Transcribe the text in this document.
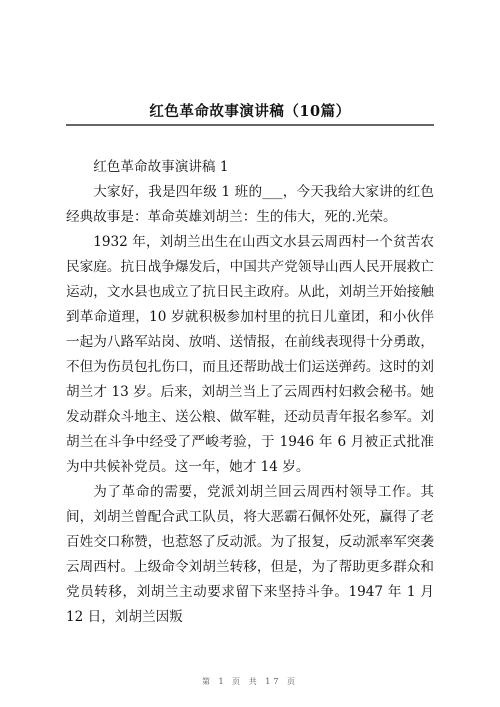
红色革命故事演讲稿（10篇）

红色革命故事演讲稿 1

大家好，我是四年级 1 班的___，今天我给大家讲的红色经典故事是：革命英雄刘胡兰：生的伟大，死的.光荣。

1932 年，刘胡兰出生在山西文水县云周西村一个贫苦农民家庭。抗日战争爆发后，中国共产党领导山西人民开展救亡运动，文水县也成立了抗日民主政府。从此，刘胡兰开始接触到革命道理，10 岁就积极参加村里的抗日儿童团，和小伙伴一起为八路军站岗、放哨、送情报，在前线表现得十分勇敢，不但为伤员包扎伤口，而且还帮助战士们运送弹药。这时的刘胡兰才 13 岁。后来，刘胡兰当上了云周西村妇救会秘书。她发动群众斗地主、送公粮、做军鞋，还动员青年报名参军。刘胡兰在斗争中经受了严峻考验，于 1946 年 6 月被正式批准为中共候补党员。这一年，她才 14 岁。

为了革命的需要，党派刘胡兰回云周西村领导工作。其间，刘胡兰曾配合武工队员，将大恶霸石佩怀处死，赢得了老百姓交口称赞，也惹怒了反动派。为了报复，反动派率军突袭云周西村。上级命令刘胡兰转移，但是，为了帮助更多群众和党员转移，刘胡兰主动要求留下来坚持斗争。1947 年 1 月 12 日，刘胡兰因叛

第 1 页 共 17 页
